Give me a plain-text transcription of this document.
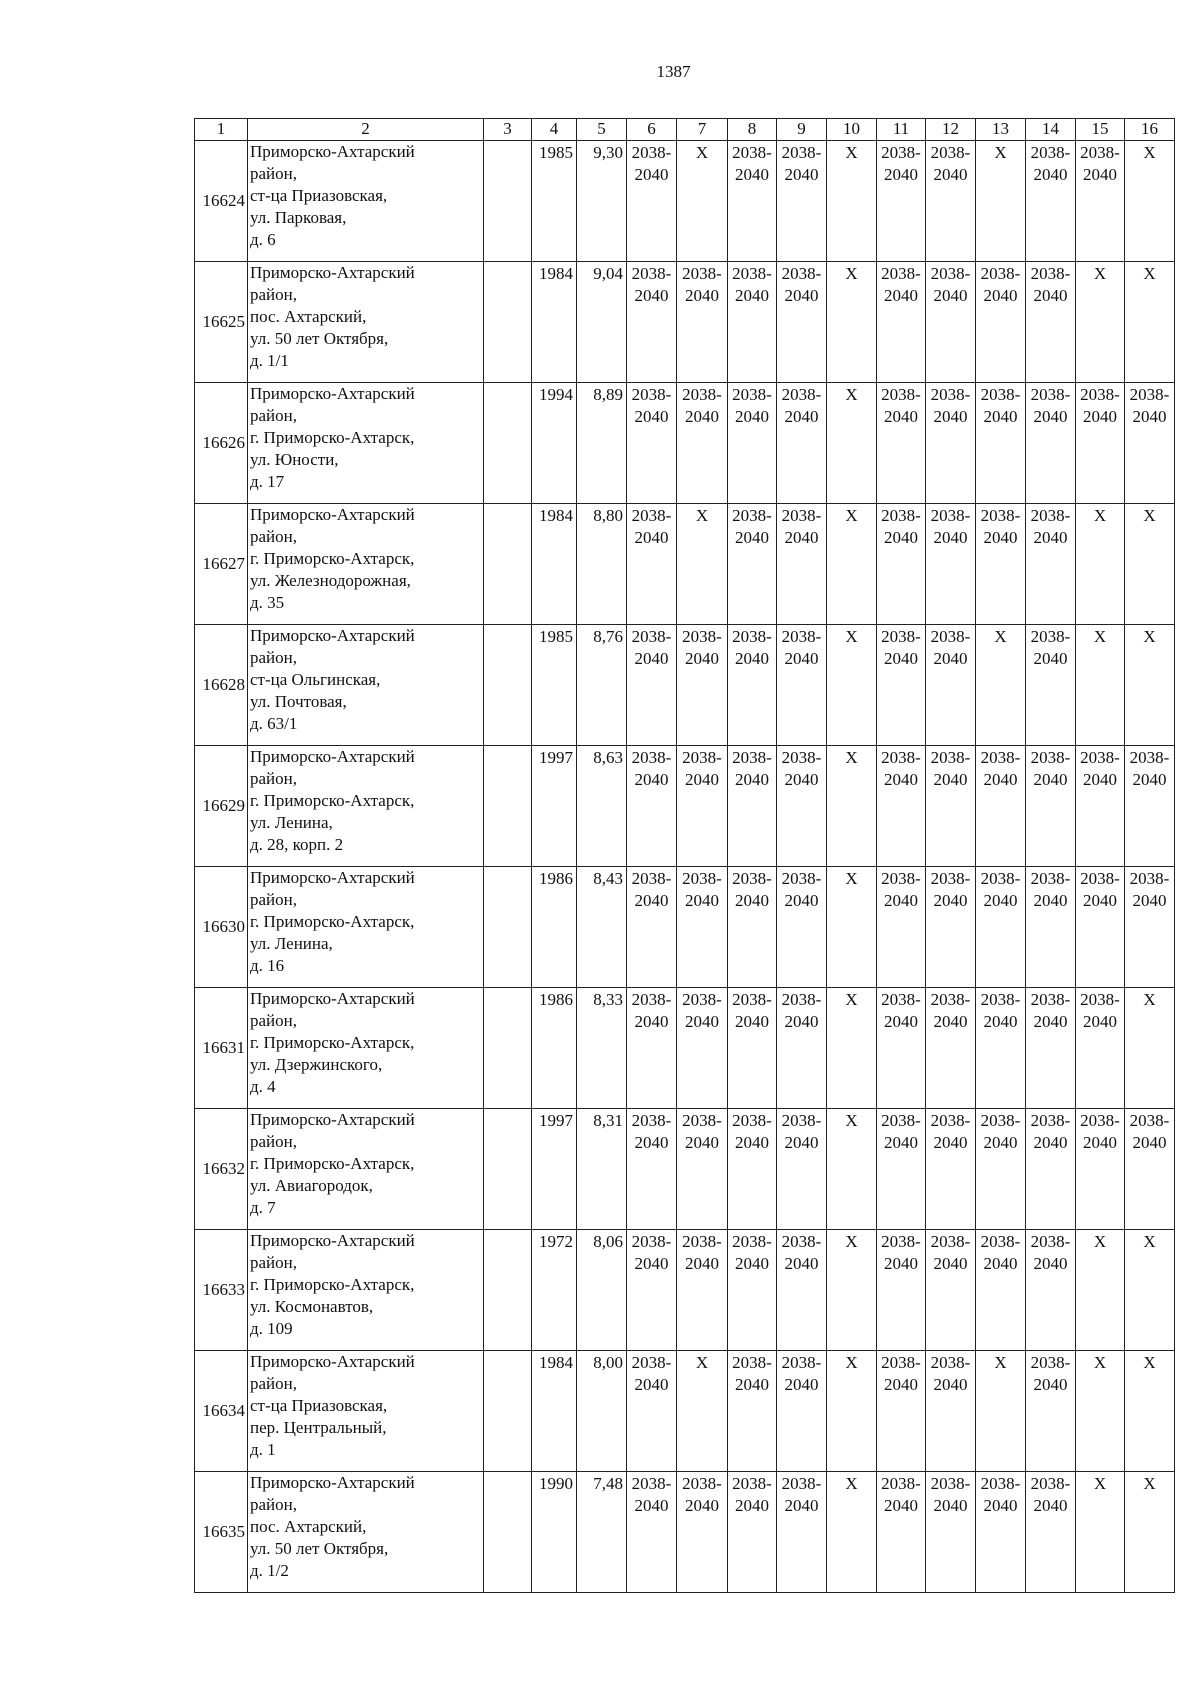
1387
1	2	3	4	5	6	7	8	9	10	11	12	13	14	15	16
16624	Приморско-Ахтарский
район,
ст-ца Приазовская,
ул. Парковая,
д. 6		1985	9,30	2038-
2040	X	2038-
2040	2038-
2040	X	2038-
2040	2038-
2040	X	2038-
2040	2038-
2040	X

16625	Приморско-Ахтарский
район,
пос. Ахтарский,
ул. 50 лет Октября,
д. 1/1		1984	9,04	2038-
2040	2038-
2040	2038-
2040	2038-
2040	X	2038-
2040	2038-
2040	2038-
2040	2038-
2040	X	X

16626	Приморско-Ахтарский
район,
г. Приморско-Ахтарск,
ул. Юности,
д. 17		1994	8,89	2038-
2040	2038-
2040	2038-
2040	2038-
2040	X	2038-
2040	2038-
2040	2038-
2040	2038-
2040	2038-
2040	2038-
2040

16627	Приморско-Ахтарский
район,
г. Приморско-Ахтарск,
ул. Железнодорожная,
д. 35		1984	8,80	2038-
2040	X	2038-
2040	2038-
2040	X	2038-
2040	2038-
2040	2038-
2040	2038-
2040	X	X

16628	Приморско-Ахтарский
район,
ст-ца Ольгинская,
ул. Почтовая,
д. 63/1		1985	8,76	2038-
2040	2038-
2040	2038-
2040	2038-
2040	X	2038-
2040	2038-
2040	X	2038-
2040	X	X

16629	Приморско-Ахтарский
район,
г. Приморско-Ахтарск,
ул. Ленина,
д. 28, корп. 2		1997	8,63	2038-
2040	2038-
2040	2038-
2040	2038-
2040	X	2038-
2040	2038-
2040	2038-
2040	2038-
2040	2038-
2040	2038-
2040

16630	Приморско-Ахтарский
район,
г. Приморско-Ахтарск,
ул. Ленина,
д. 16		1986	8,43	2038-
2040	2038-
2040	2038-
2040	2038-
2040	X	2038-
2040	2038-
2040	2038-
2040	2038-
2040	2038-
2040	2038-
2040

16631	Приморско-Ахтарский
район,
г. Приморско-Ахтарск,
ул. Дзержинского,
д. 4		1986	8,33	2038-
2040	2038-
2040	2038-
2040	2038-
2040	X	2038-
2040	2038-
2040	2038-
2040	2038-
2040	2038-
2040	X

16632	Приморско-Ахтарский
район,
г. Приморско-Ахтарск,
ул. Авиагородок,
д. 7		1997	8,31	2038-
2040	2038-
2040	2038-
2040	2038-
2040	X	2038-
2040	2038-
2040	2038-
2040	2038-
2040	2038-
2040	2038-
2040

16633	Приморско-Ахтарский
район,
г. Приморско-Ахтарск,
ул. Космонавтов,
д. 109		1972	8,06	2038-
2040	2038-
2040	2038-
2040	2038-
2040	X	2038-
2040	2038-
2040	2038-
2040	2038-
2040	X	X

16634	Приморско-Ахтарский
район,
ст-ца Приазовская,
пер. Центральный,
д. 1		1984	8,00	2038-
2040	X	2038-
2040	2038-
2040	X	2038-
2040	2038-
2040	X	2038-
2040	X	X

16635	Приморско-Ахтарский
район,
пос. Ахтарский,
ул. 50 лет Октября,
д. 1/2		1990	7,48	2038-
2040	2038-
2040	2038-
2040	2038-
2040	X	2038-
2040	2038-
2040	2038-
2040	2038-
2040	X	X
